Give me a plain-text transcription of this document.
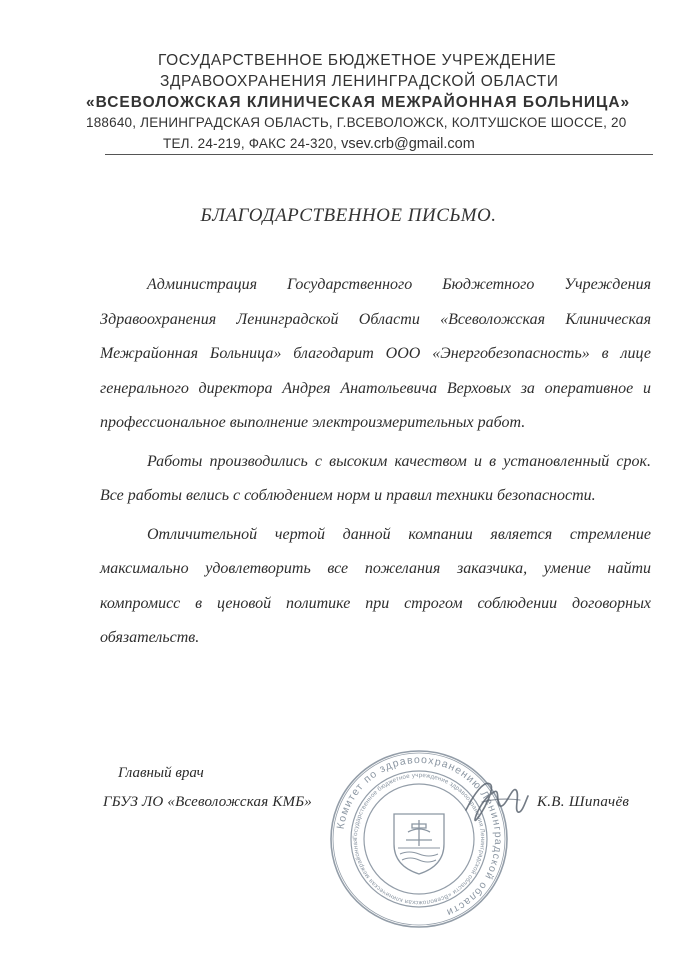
ГОСУДАРСТВЕННОЕ БЮДЖЕТНОЕ УЧРЕЖДЕНИЕ
ЗДРАВООХРАНЕНИЯ ЛЕНИНГРАДСКОЙ ОБЛАСТИ
«ВСЕВОЛОЖСКАЯ КЛИНИЧЕСКАЯ МЕЖРАЙОННАЯ БОЛЬНИЦА»
188640, ЛЕНИНГРАДСКАЯ ОБЛАСТЬ, Г.ВСЕВОЛОЖСК, КОЛТУШСКОЕ ШОССЕ, 20
ТЕЛ. 24-219, ФАКС 24-320, vsev.crb@gmail.com
БЛАГОДАРСТВЕННОЕ ПИСЬМО.

Администрация Государственного Бюджетного Учреждения Здравоохранения Ленинградской Области «Всеволожская Клиническая Межрайонная Больница» благодарит ООО «Энергобезопасность» в лице генерального директора Андрея Анатольевича Верховых за оперативное и профессиональное выполнение электроизмерительных работ.

Работы производились с высоким качеством и в установленный срок. Все работы велись с соблюдением норм и правил техники безопасности.

Отличительной чертой данной компании является стремление максимально удовлетворить все пожелания заказчика, умение найти компромисс в ценовой политике при строгом соблюдении договорных обязательств.

Главный врач
ГБУЗ ЛО «Всеволожская КМБ»	К.В. Шипачёв
Комитет по здравоохранению Ленинградской области
Государственное бюджетное учреждение здравоохранения Ленинградской области «Всеволожская клиническая межрайонная
